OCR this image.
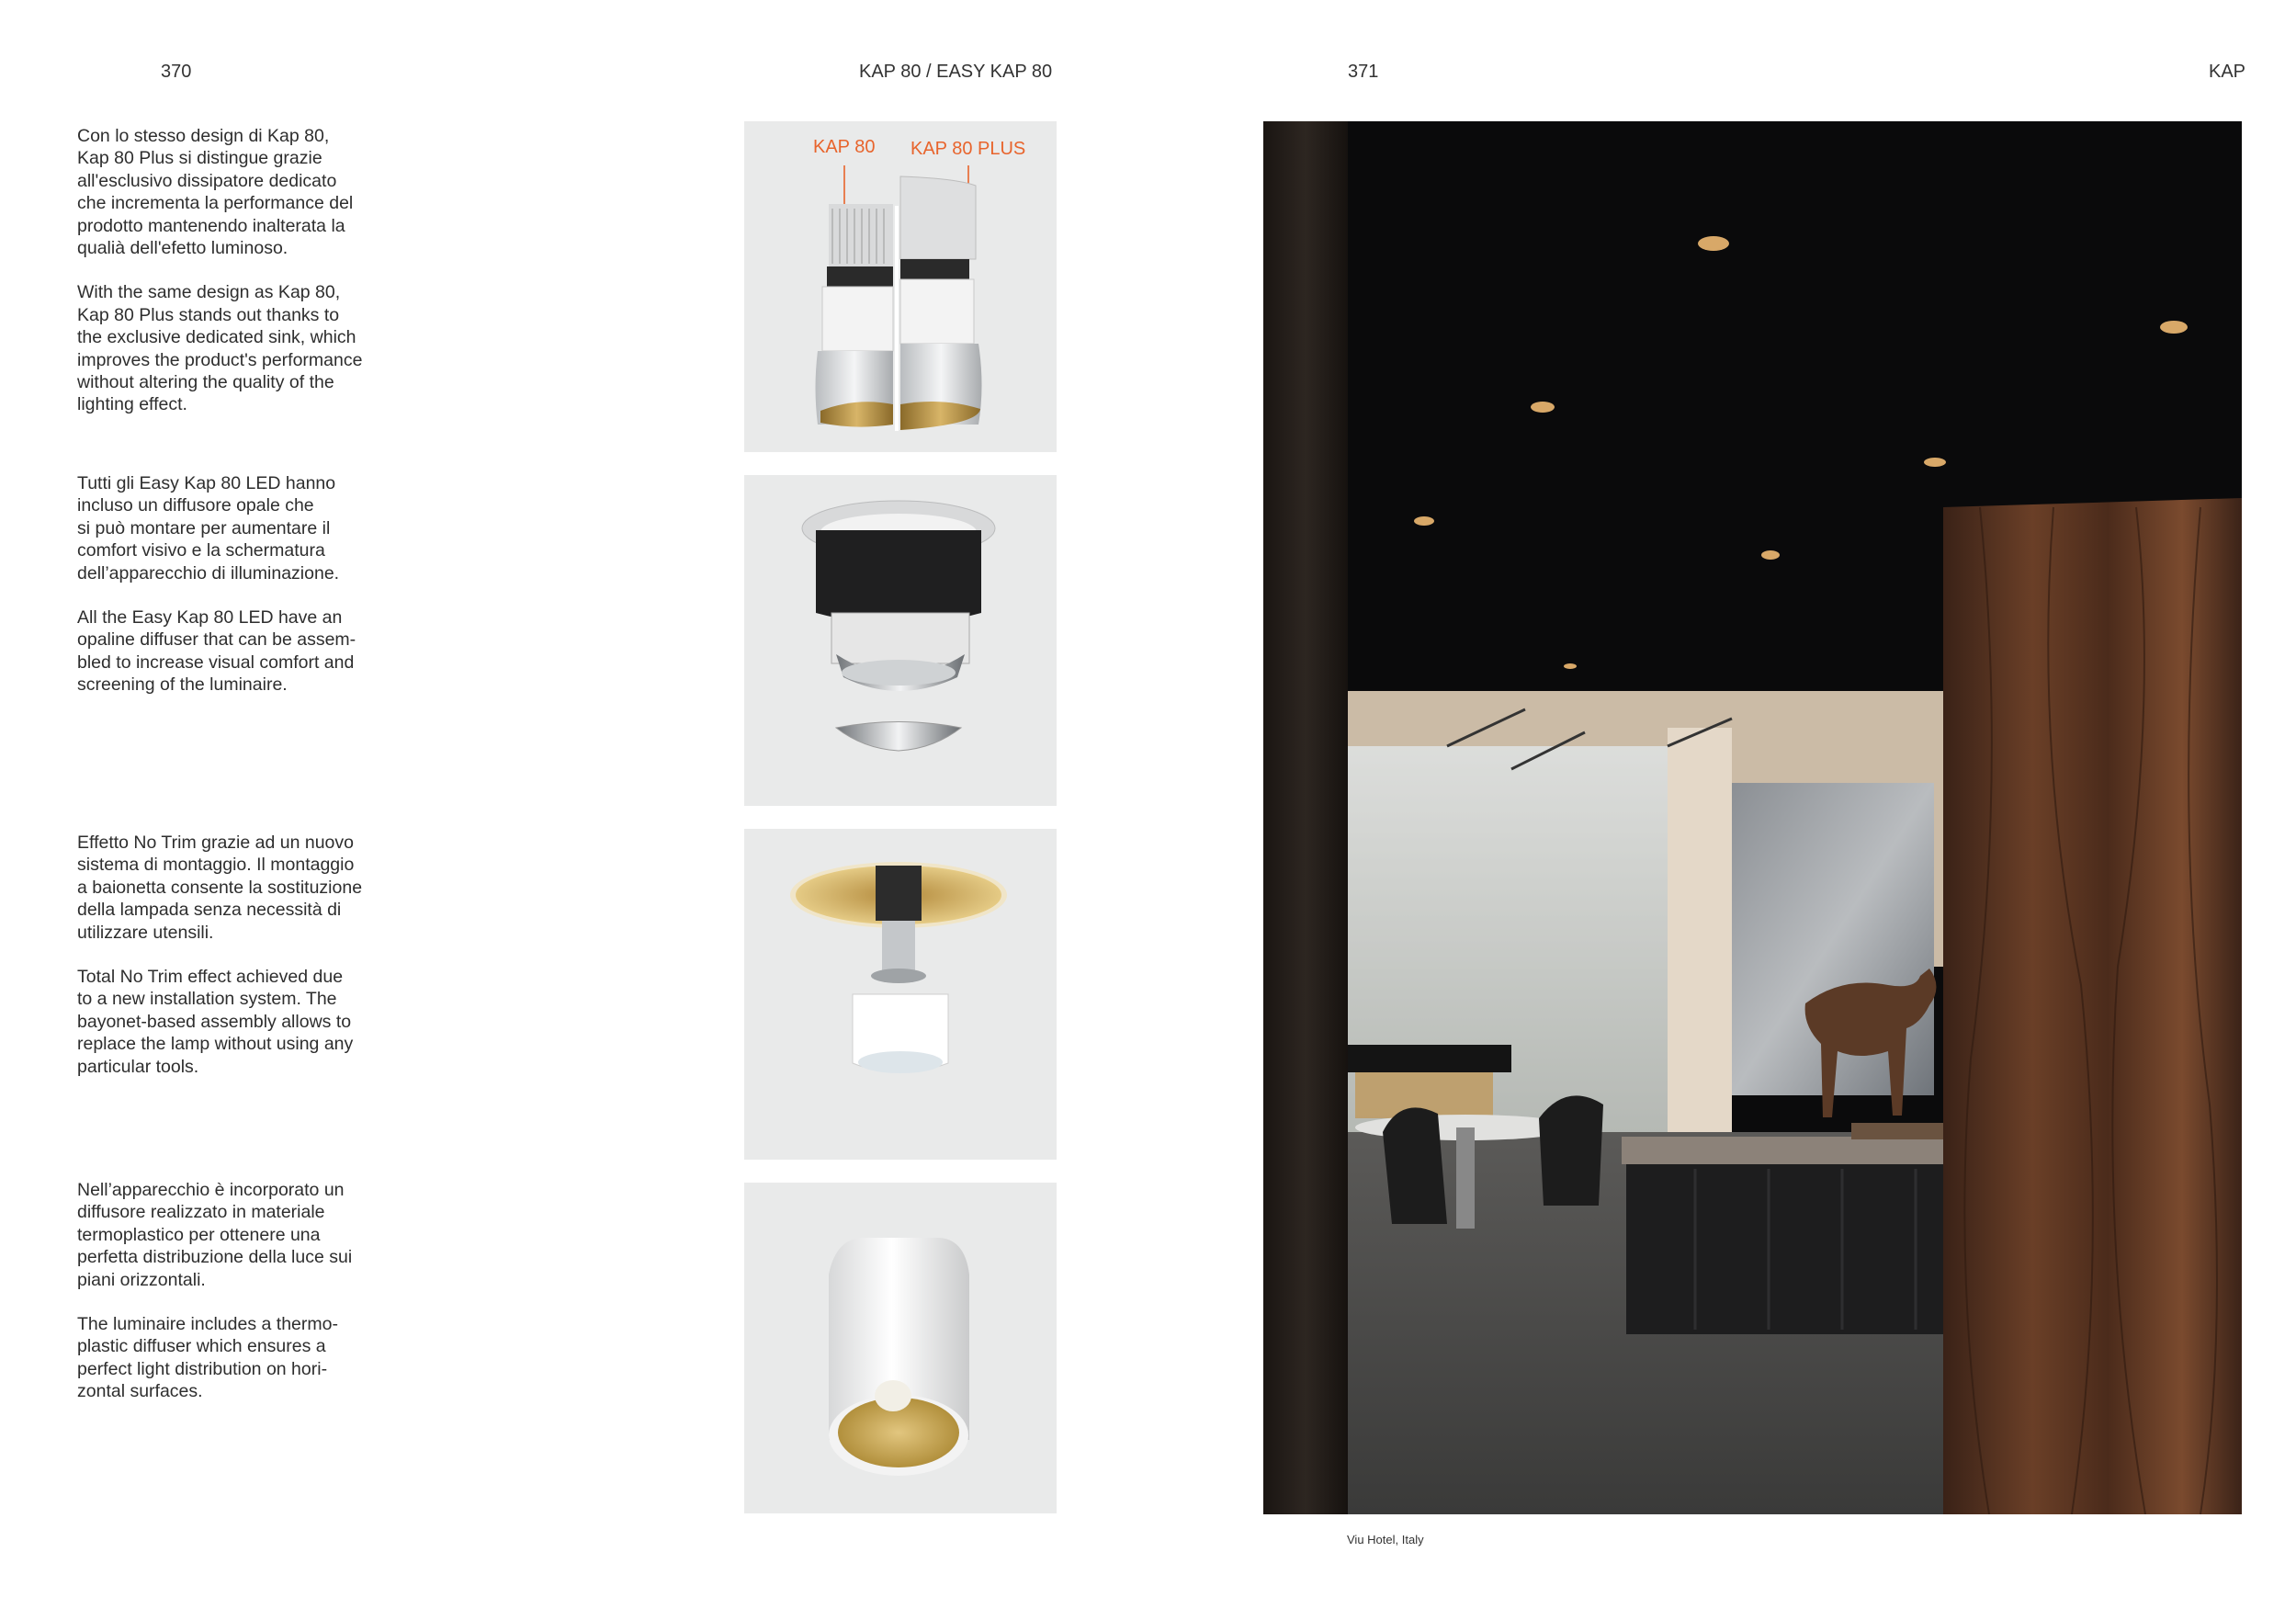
370	KAP 80 / EASY KAP 80	371	KAP

Con lo stesso design di Kap 80,
Kap 80 Plus si distingue grazie
all'esclusivo dissipatore dedicato
che incrementa la performance del
prodotto mantenendo inalterata la
qualià dell'efetto luminoso.

With the same design as Kap 80,
Kap 80 Plus stands out thanks to
the exclusive dedicated sink, which
improves the product's performance
without altering the quality of the
lighting effect.

Tutti gli Easy Kap 80 LED hanno
incluso un diffusore opale che
si può montare per aumentare il
comfort visivo e la schermatura
dell’apparecchio di illuminazione.

All the Easy Kap 80 LED have an
opaline diffuser that can be assem-
bled to increase visual comfort and
screening of the luminaire.

Effetto No Trim grazie ad un nuovo
sistema di montaggio. Il montaggio
a baionetta consente la sostituzione
della lampada senza necessità di
utilizzare utensili.

Total No Trim effect achieved due
to a new installation system. The
bayonet-based assembly allows to
replace the lamp without using any
particular tools.

Nell’apparecchio è incorporato un
diffusore realizzato in materiale
termoplastico per ottenere una
perfetta distribuzione della luce sui
piani orizzontali.

The luminaire includes a thermo-
plastic diffuser which ensures a
perfect light distribution on hori-
zontal surfaces.

KAP 80 KAP 80 PLUS
Viu Hotel, Italy
